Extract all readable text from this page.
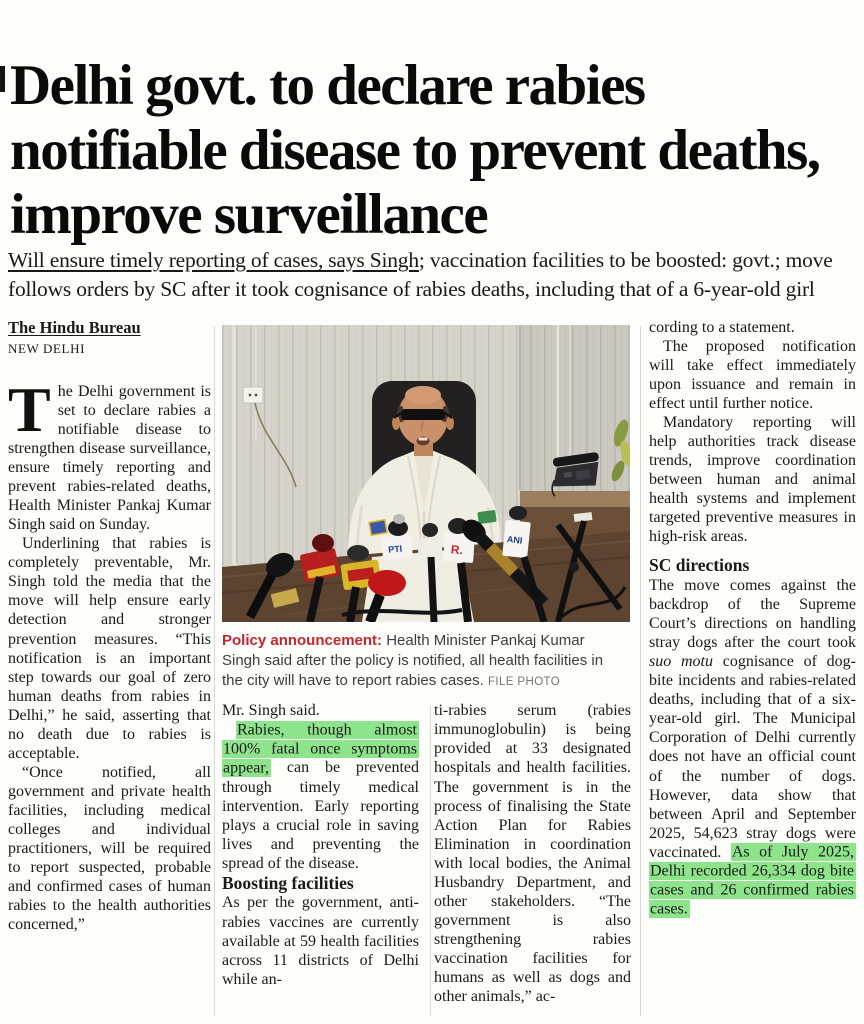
Delhi govt. to declare rabies notifiable disease to prevent deaths, improve surveillance
Will ensure timely reporting of cases, says Singh; vaccination facilities to be boosted: govt.; move follows orders by SC after it took cognisance of rabies deaths, including that of a 6-year-old girl
The Hindu Bureau
NEW DELHI

The Delhi government is set to declare rabies a notifiable disease to strengthen disease surveillance, ensure timely reporting and prevent rabies-related deaths, Health Minister Pankaj Kumar Singh said on Sunday.

Underlining that rabies is completely preventable, Mr. Singh told the media that the move will help ensure early detection and stronger prevention measures. “This notification is an important step towards our goal of zero human deaths from rabies in Delhi,” he said, asserting that no death due to rabies is acceptable.

“Once notified, all government and private health facilities, including medical colleges and individual practitioners, will be required to report suspected, probable and confirmed cases of human rabies to the health authorities concerned,”

PTI	R.
ANI
Policy announcement: Health Minister Pankaj Kumar Singh said after the policy is notified, all health facilities in the city will have to report rabies cases. FILE PHOTO

Mr. Singh said.

Rabies, though almost 100% fatal once symptoms appear, can be prevented through timely medical intervention. Early reporting plays a crucial role in saving lives and preventing the spread of the disease.

Boosting facilities

As per the government, anti-rabies vaccines are currently available at 59 health facilities across 11 districts of Delhi while an-

ti-rabies serum (rabies immunoglobulin) is being provided at 33 designated hospitals and health facilities. The government is in the process of finalising the State Action Plan for Rabies Elimination in coordination with local bodies, the Animal Husbandry Department, and other stakeholders. “The government is also strengthening rabies vaccination facilities for humans as well as dogs and other animals,” ac-

cording to a statement.

The proposed notification will take effect immediately upon issuance and remain in effect until further notice.

Mandatory reporting will help authorities track disease trends, improve coordination between human and animal health systems and implement targeted preventive measures in high-risk areas.

SC directions

The move comes against the backdrop of the Supreme Court’s directions on handling stray dogs after the court took suo motu cognisance of dog-bite incidents and rabies-related deaths, including that of a six-year-old girl. The Municipal Corporation of Delhi currently does not have an official count of the number of dogs. However, data show that between April and September 2025, 54,623 stray dogs were vaccinated. As of July 2025, Delhi recorded 26,334 dog bite cases and 26 confirmed rabies cases.
